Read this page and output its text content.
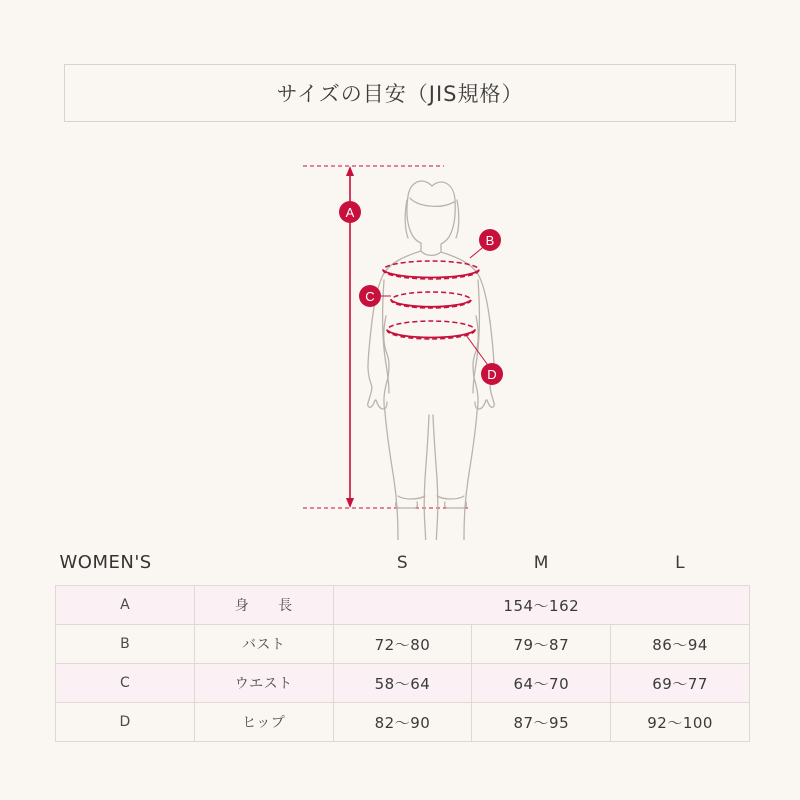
サイズの目安（JIS規格）
A
B
C
D
WOMEN'S		S	M	L
A	身　　長	154〜162		
B	バスト	72〜80	79〜87	86〜94
C	ウエスト	58〜64	64〜70	69〜77
D	ヒップ	82〜90	87〜95	92〜100
